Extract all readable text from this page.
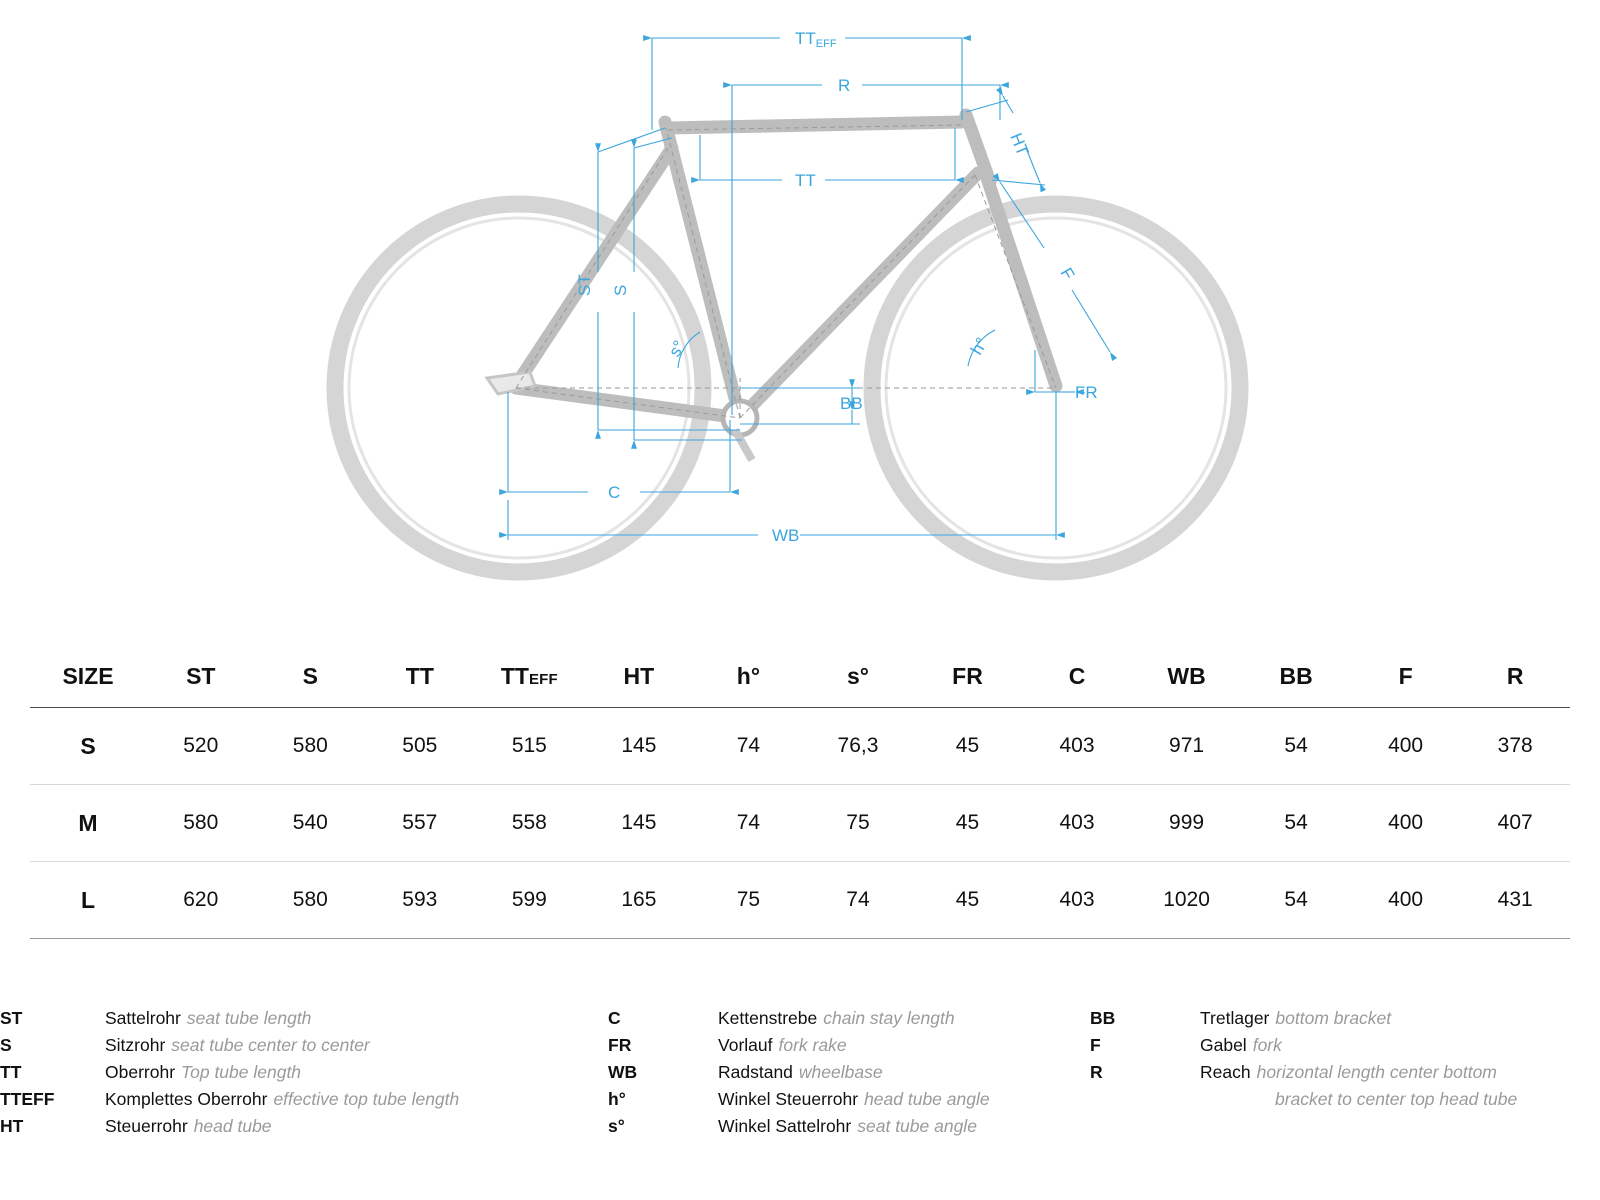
TTEFF
R
HT
TT
F
ST S
s°	h°
BB
FR
C
WB
SIZE	ST	S	TT	TTEFF	HT	h°	s°	FR	C	WB	BB	F	R
S	520	580	505	515	145	74	76,3	45	403	971	54	400	378
M	580	540	557	558	145	74	75	45	403	999	54	400	407
L	620	580	593	599	165	75	74	45	403	1020	54	400	431
ST	Sattelrohr seat tube length
S	Sitzrohr seat tube center to center
TT	Oberrohr Top tube length
TTEFF	Komplettes Oberrohr effective top tube length
HT	Steuerrohr head tube
C	Kettenstrebe chain stay length
FR	Vorlauf fork rake
WB	Radstand wheelbase
h°	Winkel Steuerrohr head tube angle
s°	Winkel Sattelrohr seat tube angle
BB	Tretlager bottom bracket
F	Gabel fork
R	Reach horizontal length center bottom
bracket to center top head tube
